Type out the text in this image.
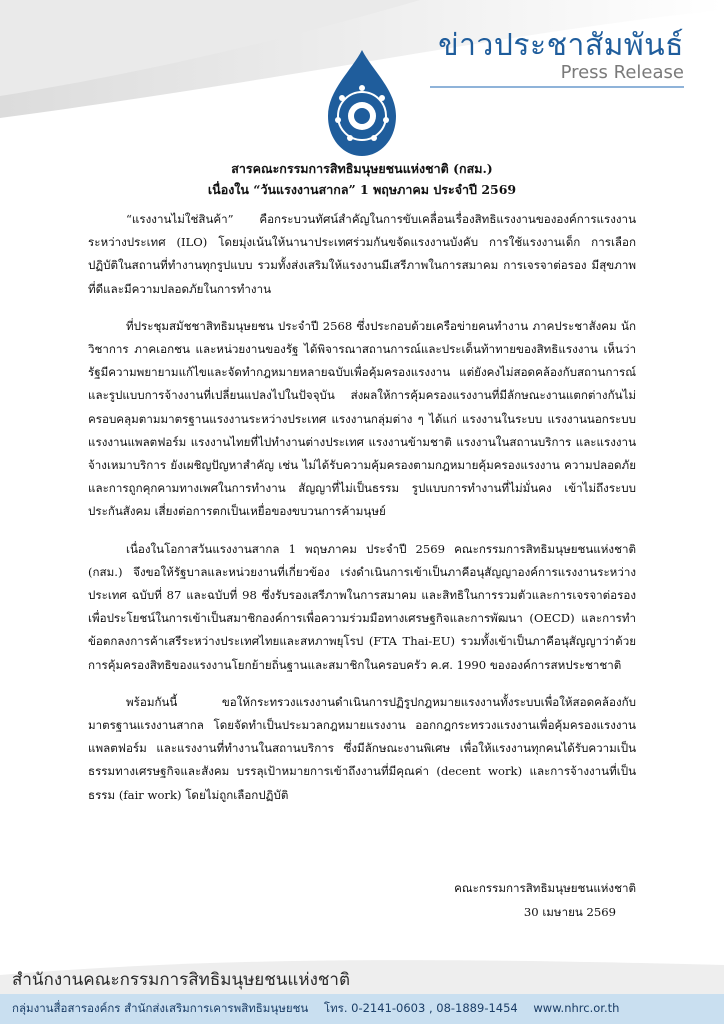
ข่าวประชาสัมพันธ์
Press Release
สารคณะกรรมการสิทธิมนุษยชนแห่งชาติ (กสม.)
เนื่องใน “วันแรงงานสากล” 1 พฤษภาคม ประจำปี 2569

“แรงงานไม่ใช่สินค้า” คือกระบวนทัศน์สำคัญในการขับเคลื่อนเรื่องสิทธิแรงงานขององค์การแรงงานระหว่างประเทศ (ILO) โดยมุ่งเน้นให้นานาประเทศร่วมกันขจัดแรงงานบังคับ การใช้แรงงานเด็ก การเลือกปฏิบัติในสถานที่ทำงานทุกรูปแบบ รวมทั้งส่งเสริมให้แรงงานมีเสรีภาพในการสมาคม การเจรจาต่อรอง มีสุขภาพที่ดีและมีความปลอดภัยในการทำงาน

ที่ประชุมสมัชชาสิทธิมนุษยชน ประจำปี 2568 ซึ่งประกอบด้วยเครือข่ายคนทำงาน ภาคประชาสังคม นักวิชาการ ภาคเอกชน และหน่วยงานของรัฐ ได้พิจารณาสถานการณ์และประเด็นท้าทายของสิทธิแรงงาน เห็นว่า รัฐมีความพยายามแก้ไขและจัดทำกฎหมายหลายฉบับเพื่อคุ้มครองแรงงาน แต่ยังคงไม่สอดคล้องกับสถานการณ์และรูปแบบการจ้างงานที่เปลี่ยนแปลงไปในปัจจุบัน ส่งผลให้การคุ้มครองแรงงานที่มีลักษณะงานแตกต่างกันไม่ครอบคลุมตามมาตรฐานแรงงานระหว่างประเทศ แรงงานกลุ่มต่าง ๆ ได้แก่ แรงงานในระบบ แรงงานนอกระบบ แรงงานแพลตฟอร์ม แรงงานไทยที่ไปทำงานต่างประเทศ แรงงานข้ามชาติ แรงงานในสถานบริการ และแรงงานจ้างเหมาบริการ ยังเผชิญปัญหาสำคัญ เช่น ไม่ได้รับความคุ้มครองตามกฎหมายคุ้มครองแรงงาน ความปลอดภัยและการถูกคุกคามทางเพศในการทำงาน สัญญาที่ไม่เป็นธรรม รูปแบบการทำงานที่ไม่มั่นคง เข้าไม่ถึงระบบประกันสังคม เสี่ยงต่อการตกเป็นเหยื่อของขบวนการค้ามนุษย์

เนื่องในโอกาสวันแรงงานสากล 1 พฤษภาคม ประจำปี 2569 คณะกรรมการสิทธิมนุษยชนแห่งชาติ (กสม.) จึงขอให้รัฐบาลและหน่วยงานที่เกี่ยวข้อง เร่งดำเนินการเข้าเป็นภาคีอนุสัญญาองค์การแรงงานระหว่างประเทศ ฉบับที่ 87 และฉบับที่ 98 ซึ่งรับรองเสรีภาพในการสมาคม และสิทธิในการรวมตัวและการเจรจาต่อรอง เพื่อประโยชน์ในการเข้าเป็นสมาชิกองค์การเพื่อความร่วมมือทางเศรษฐกิจและการพัฒนา (OECD) และการทำข้อตกลงการค้าเสรีระหว่างประเทศไทยและสหภาพยุโรป (FTA Thai-EU) รวมทั้งเข้าเป็นภาคีอนุสัญญาว่าด้วยการคุ้มครองสิทธิของแรงงานโยกย้ายถิ่นฐานและสมาชิกในครอบครัว ค.ศ. 1990 ขององค์การสหประชาชาติ

พร้อมกันนี้ ขอให้กระทรวงแรงงานดำเนินการปฏิรูปกฎหมายแรงงานทั้งระบบเพื่อให้สอดคล้องกับมาตรฐานแรงงานสากล โดยจัดทำเป็นประมวลกฎหมายแรงงาน ออกกฎกระทรวงแรงงานเพื่อคุ้มครองแรงงานแพลตฟอร์ม และแรงงานที่ทำงานในสถานบริการ ซึ่งมีลักษณะงานพิเศษ เพื่อให้แรงงานทุกคนได้รับความเป็นธรรมทางเศรษฐกิจและสังคม บรรลุเป้าหมายการเข้าถึงงานที่มีคุณค่า (decent work) และการจ้างงานที่เป็นธรรม (fair work) โดยไม่ถูกเลือกปฏิบัติ

คณะกรรมการสิทธิมนุษยชนแห่งชาติ
30 เมษายน 2569
สำนักงานคณะกรรมการสิทธิมนุษยชนแห่งชาติ
กลุ่มงานสื่อสารองค์กร สำนักส่งเสริมการเคารพสิทธิมนุษยชน โทร. 0-2141-0603 , 08-1889-1454 www.nhrc.or.th
